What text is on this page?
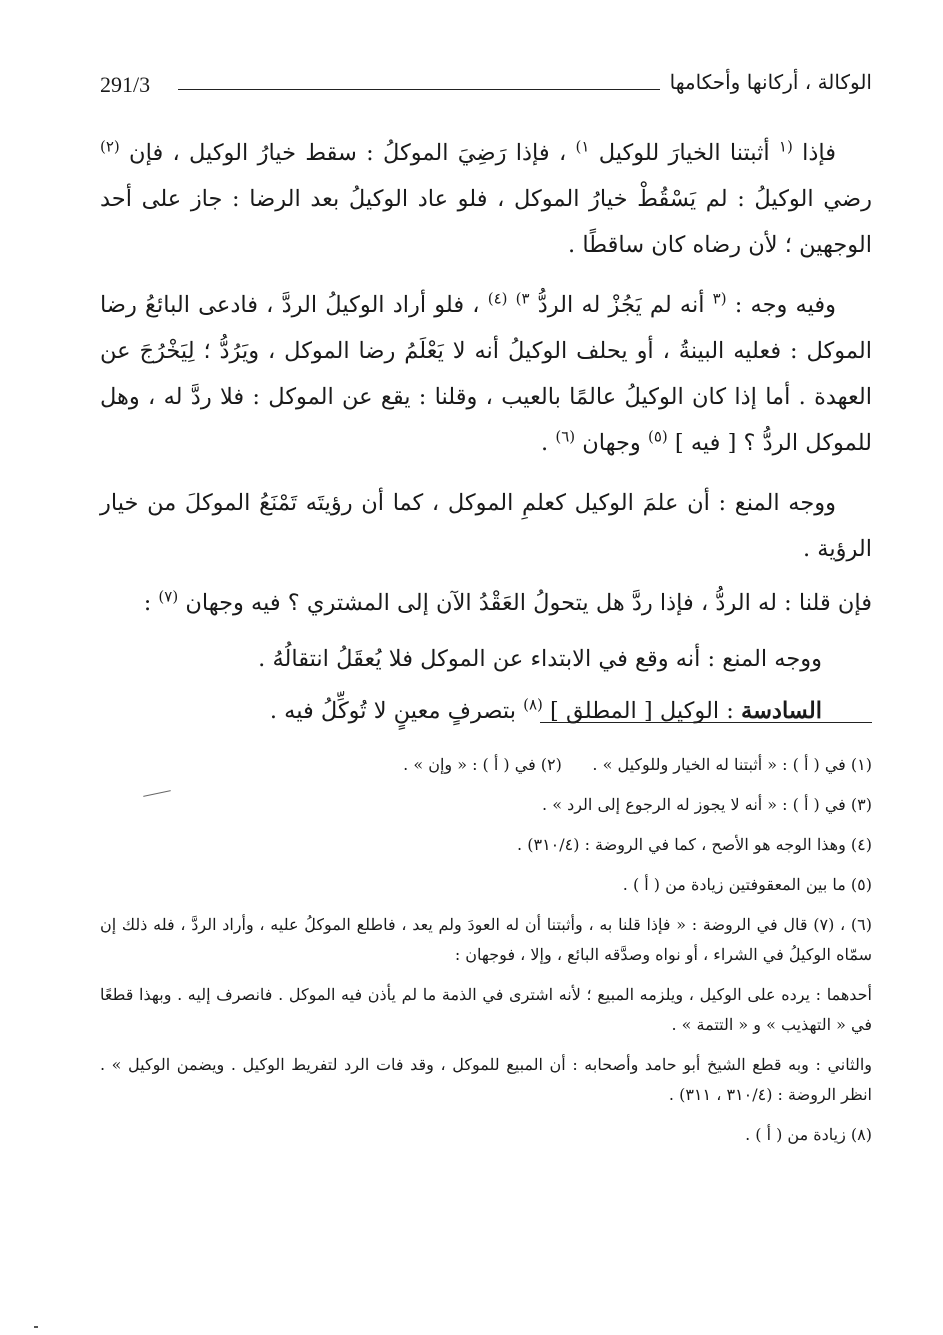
291/3	الوكالة ، أركانها وأحكامها

فإذا $^{(١}$ أثبتنا الخيارَ للوكيل $^{١)}$ ، فإذا رَضِيَ الموكلُ : سقط خيارُ الوكيل ، فإن $^{(٢)}$ رضي الوكيلُ : لم يَسْقُطْ خيارُ الموكل ، فلو عاد الوكيلُ بعد الرضا : جاز على أحد الوجهين ؛ لأن رضاه كان ساقطًا .

وفيه وجه : $^{(٣}$ أنه لم يَجُزْ له الردُّ $^{٣)}$ $^{(٤)}$ ، فلو أراد الوكيلُ الردَّ ، فادعى البائعُ رضا الموكل : فعليه البينةُ ، أو يحلف الوكيلُ أنه لا يَعْلَمُ رضا الموكل ، ويَرُدُّ ؛ لِيَخْرُجَ عن العهدة . أما إذا كان الوكيلُ عالمًا بالعيب ، وقلنا : يقع عن الموكل : فلا ردَّ له ، وهل للموكل الردُّ ؟ [ فيه ] $^{(٥)}$ وجهان $^{(٦)}$ .

ووجه المنع : أن علمَ الوكيل كعلمِ الموكل ، كما أن رؤيتَه تَمْنَعُ الموكلَ من خيار الرؤية .

فإن قلنا : له الردُّ ، فإذا ردَّ هل يتحولُ العَقْدُ الآن إلى المشتري ؟ فيه وجهان $^{(٧)}$ :

ووجه المنع : أنه وقع في الابتداء عن الموكل فلا يُعقَلُ انتقالُهُ .

السادسة : الوكيل [ المطلق ] $^{(٨)}$ بتصرفٍ معينٍ لا تُوكِّلُ فيه .

(١) في ( أ ) : « أثبتنا له الخيار وللوكيل » .      (٢) في ( أ ) : « وإن » .

(٣) في ( أ ) : « أنه لا يجوز له الرجوع إلى الرد » .

(٤) وهذا الوجه هو الأصح ، كما في الروضة : (٣١٠/٤) .

(٥) ما بين المعقوفتين زيادة من ( أ ) .

(٦) ، (٧) قال في الروضة : « فإذا قلنا به ، وأثبتنا أن له العودَ ولم يعد ، فاطلع الموكلُ عليه ، وأراد الردَّ ، فله ذلك إن سمّاه الوكيلُ في الشراء ، أو نواه وصدَّقه البائع ، وإلا ، فوجهان :

أحدهما : يرده على الوكيل ، ويلزمه المبيع ؛ لأنه اشترى في الذمة ما لم يأذن فيه الموكل . فانصرف إليه . وبهذا قطعًا في « التهذيب » و « التتمة » .

والثاني : وبه قطع الشيخ أبو حامد وأصحابه : أن المبيع للموكل ، وقد فات الرد لتفريط الوكيل . ويضمن الوكيل » . انظر الروضة : (٣١٠/٤ ، ٣١١) .

(٨) زيادة من ( أ ) .
